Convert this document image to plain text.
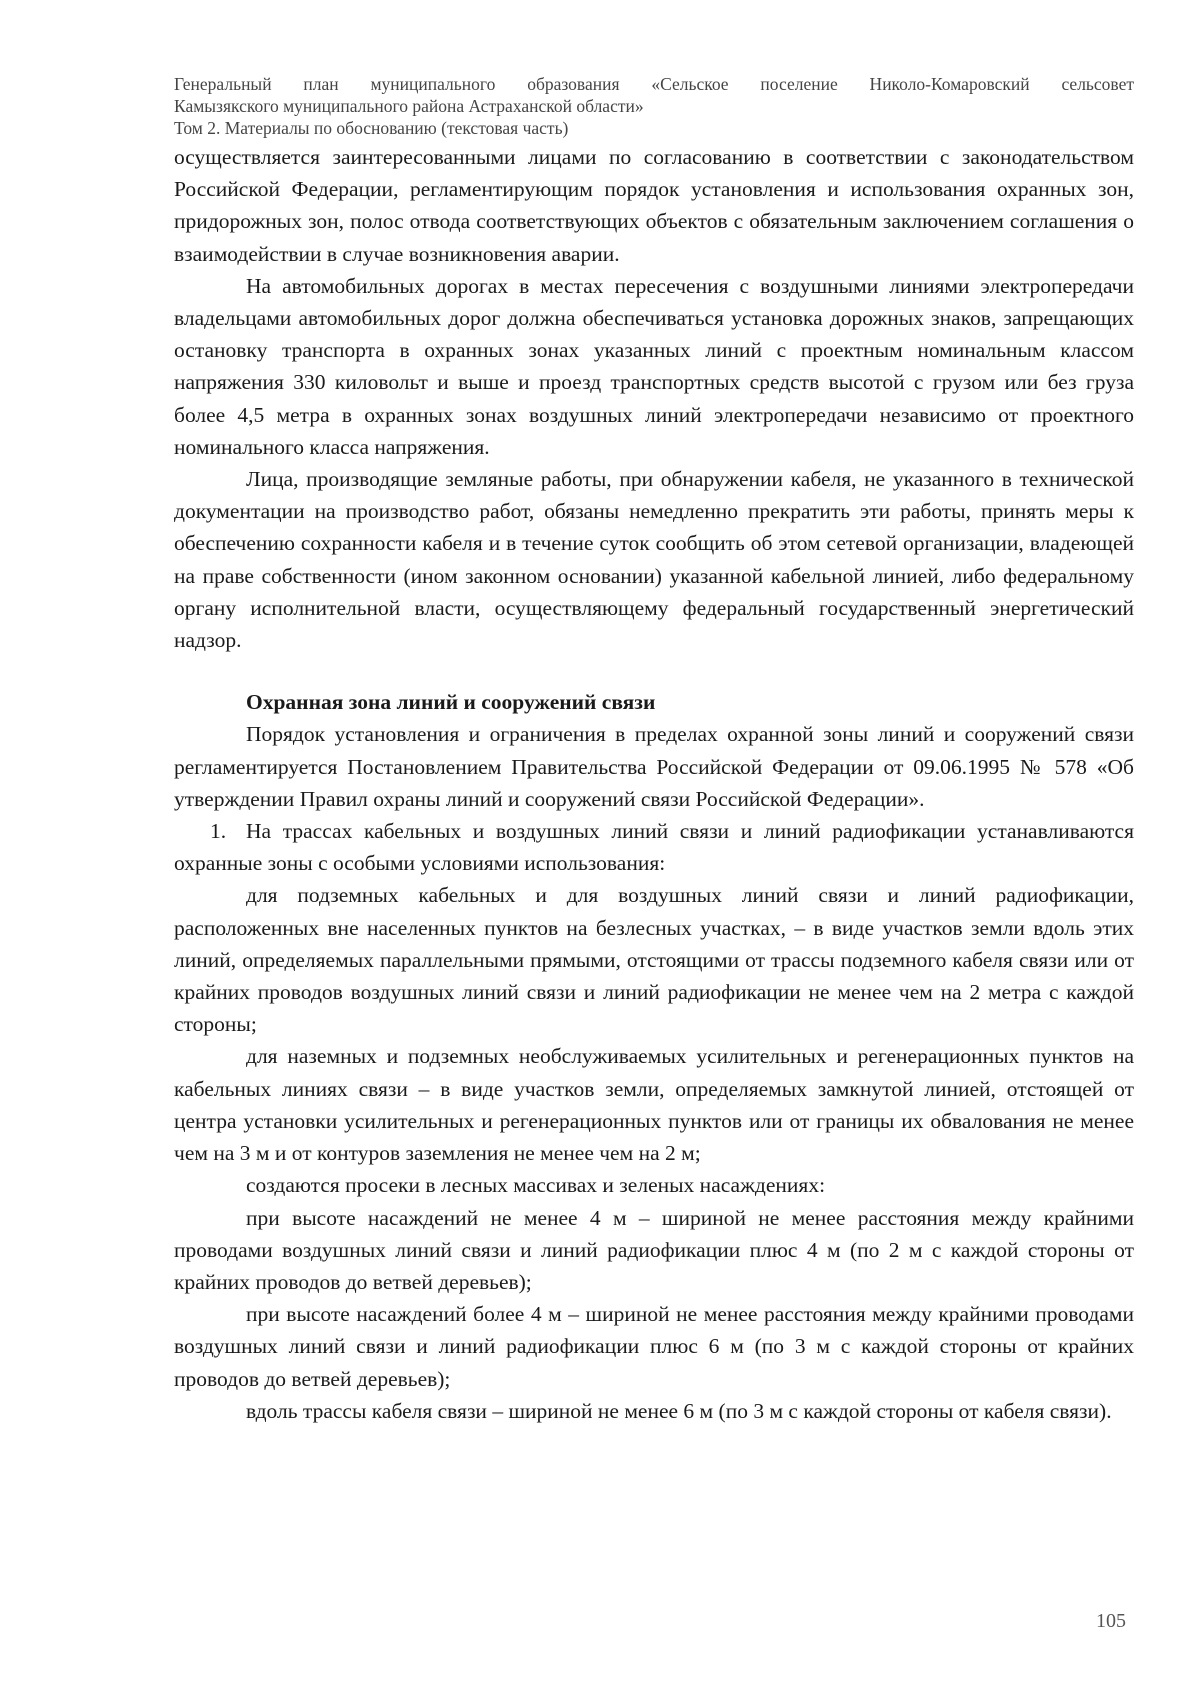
Генеральный план муниципального образования «Сельское поселение Николо-Комаровский сельсовет
Камызякского муниципального района Астраханской области»
Том 2. Материалы по обоснованию (текстовая часть)

осуществляется заинтересованными лицами по согласованию в соответствии с законодательством Российской Федерации, регламентирующим порядок установления и использования охранных зон, придорожных зон, полос отвода соответствующих объектов с обязательным заключением соглашения о взаимодействии в случае возникновения аварии.

На автомобильных дорогах в местах пересечения с воздушными линиями электропередачи владельцами автомобильных дорог должна обеспечиваться установка дорожных знаков, запрещающих остановку транспорта в охранных зонах указанных линий с проектным номинальным классом напряжения 330 киловольт и выше и проезд транспортных средств высотой с грузом или без груза более 4,5 метра в охранных зонах воздушных линий электропередачи независимо от проектного номинального класса напряжения.

Лица, производящие земляные работы, при обнаружении кабеля, не указанного в технической документации на производство работ, обязаны немедленно прекратить эти работы, принять меры к обеспечению сохранности кабеля и в течение суток сообщить об этом сетевой организации, владеющей на праве собственности (ином законном основании) указанной кабельной линией, либо федеральному органу исполнительной власти, осуществляющему федеральный государственный энергетический надзор.

Охранная зона линий и сооружений связи

Порядок установления и ограничения в пределах охранной зоны линий и сооружений связи регламентируется Постановлением Правительства Российской Федерации от 09.06.1995 № 578 «Об утверждении Правил охраны линий и сооружений связи Российской Федерации».

1. На трассах кабельных и воздушных линий связи и линий радиофикации устанавливаются охранные зоны с особыми условиями использования:

для подземных кабельных и для воздушных линий связи и линий радиофикации, расположенных вне населенных пунктов на безлесных участках, – в виде участков земли вдоль этих линий, определяемых параллельными прямыми, отстоящими от трассы подземного кабеля связи или от крайних проводов воздушных линий связи и линий радиофикации не менее чем на 2 метра с каждой стороны;

для наземных и подземных необслуживаемых усилительных и регенерационных пунктов на кабельных линиях связи – в виде участков земли, определяемых замкнутой линией, отстоящей от центра установки усилительных и регенерационных пунктов или от границы их обвалования не менее чем на 3 м и от контуров заземления не менее чем на 2 м;

создаются просеки в лесных массивах и зеленых насаждениях:

при высоте насаждений не менее 4 м – шириной не менее расстояния между крайними проводами воздушных линий связи и линий радиофикации плюс 4 м (по 2 м с каждой стороны от крайних проводов до ветвей деревьев);

при высоте насаждений более 4 м – шириной не менее расстояния между крайними проводами воздушных линий связи и линий радиофикации плюс 6 м (по 3 м с каждой стороны от крайних проводов до ветвей деревьев);

вдоль трассы кабеля связи – шириной не менее 6 м (по 3 м с каждой стороны от кабеля связи).

105
